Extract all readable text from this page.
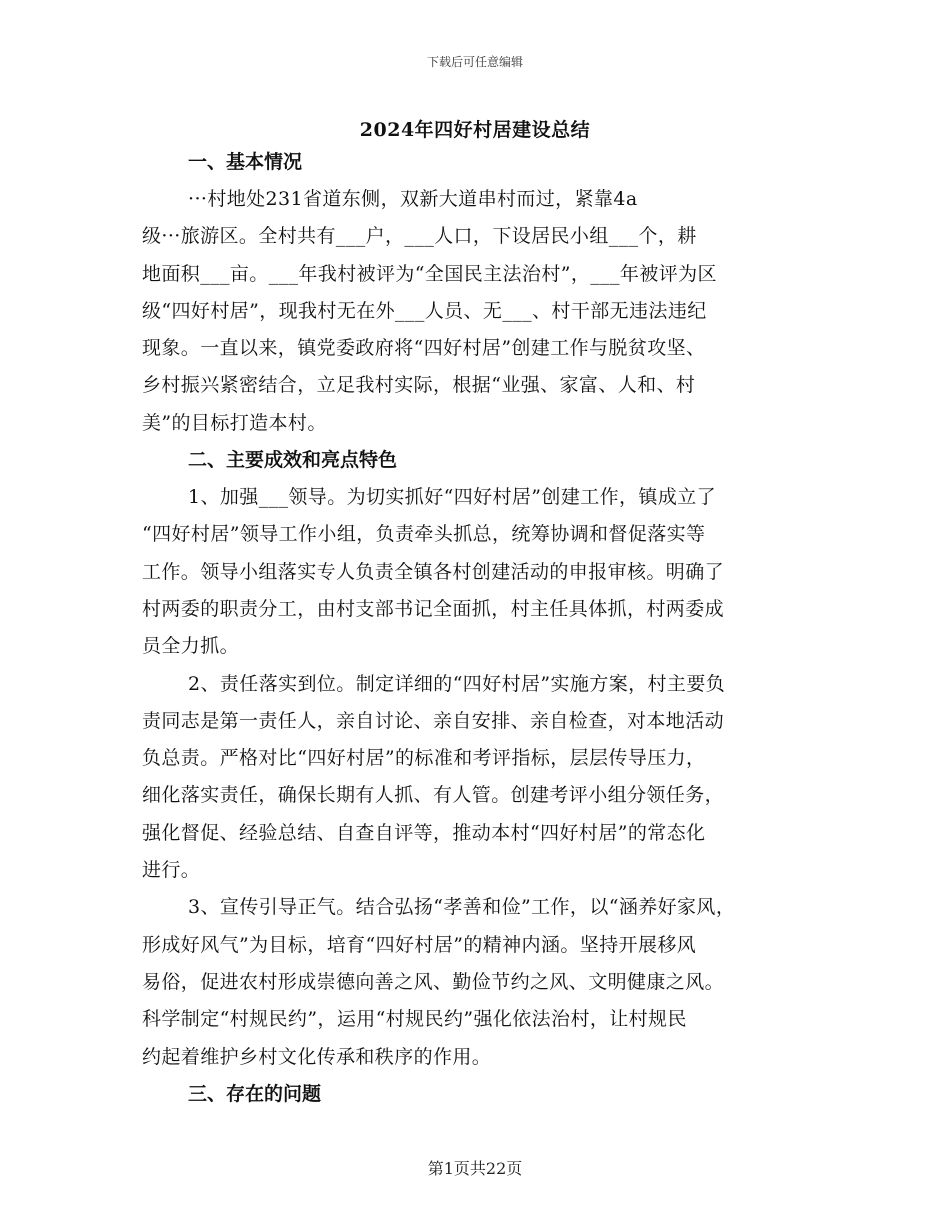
下载后可任意编辑
2024年四好村居建设总结
一、基本情况
···村地处231省道东侧，双新大道串村而过，紧靠4a
级···旅游区。全村共有___户，___人口，下设居民小组___个，耕
地面积___亩。___年我村被评为“全国民主法治村”，___年被评为区
级“四好村居”，现我村无在外___人员、无___、村干部无违法违纪
现象。一直以来，镇党委政府将“四好村居”创建工作与脱贫攻坚、
乡村振兴紧密结合，立足我村实际，根据“业强、家富、人和、村
美”的目标打造本村。
二、主要成效和亮点特色
1、加强___领导。为切实抓好“四好村居”创建工作，镇成立了
“四好村居”领导工作小组，负责牵头抓总，统筹协调和督促落实等
工作。领导小组落实专人负责全镇各村创建活动的申报审核。明确了
村两委的职责分工，由村支部书记全面抓，村主任具体抓，村两委成
员全力抓。
2、责任落实到位。制定详细的“四好村居”实施方案，村主要负
责同志是第一责任人，亲自讨论、亲自安排、亲自检查，对本地活动
负总责。严格对比“四好村居”的标准和考评指标，层层传导压力，
细化落实责任，确保长期有人抓、有人管。创建考评小组分领任务，
强化督促、经验总结、自查自评等，推动本村“四好村居”的常态化
进行。
3、宣传引导正气。结合弘扬“孝善和俭”工作，以“涵养好家风，
形成好风气”为目标，培育“四好村居”的精神内涵。坚持开展移风
易俗，促进农村形成崇德向善之风、勤俭节约之风、文明健康之风。
科学制定“村规民约”，运用“村规民约”强化依法治村，让村规民
约起着维护乡村文化传承和秩序的作用。
三、存在的问题
第1页共22页
